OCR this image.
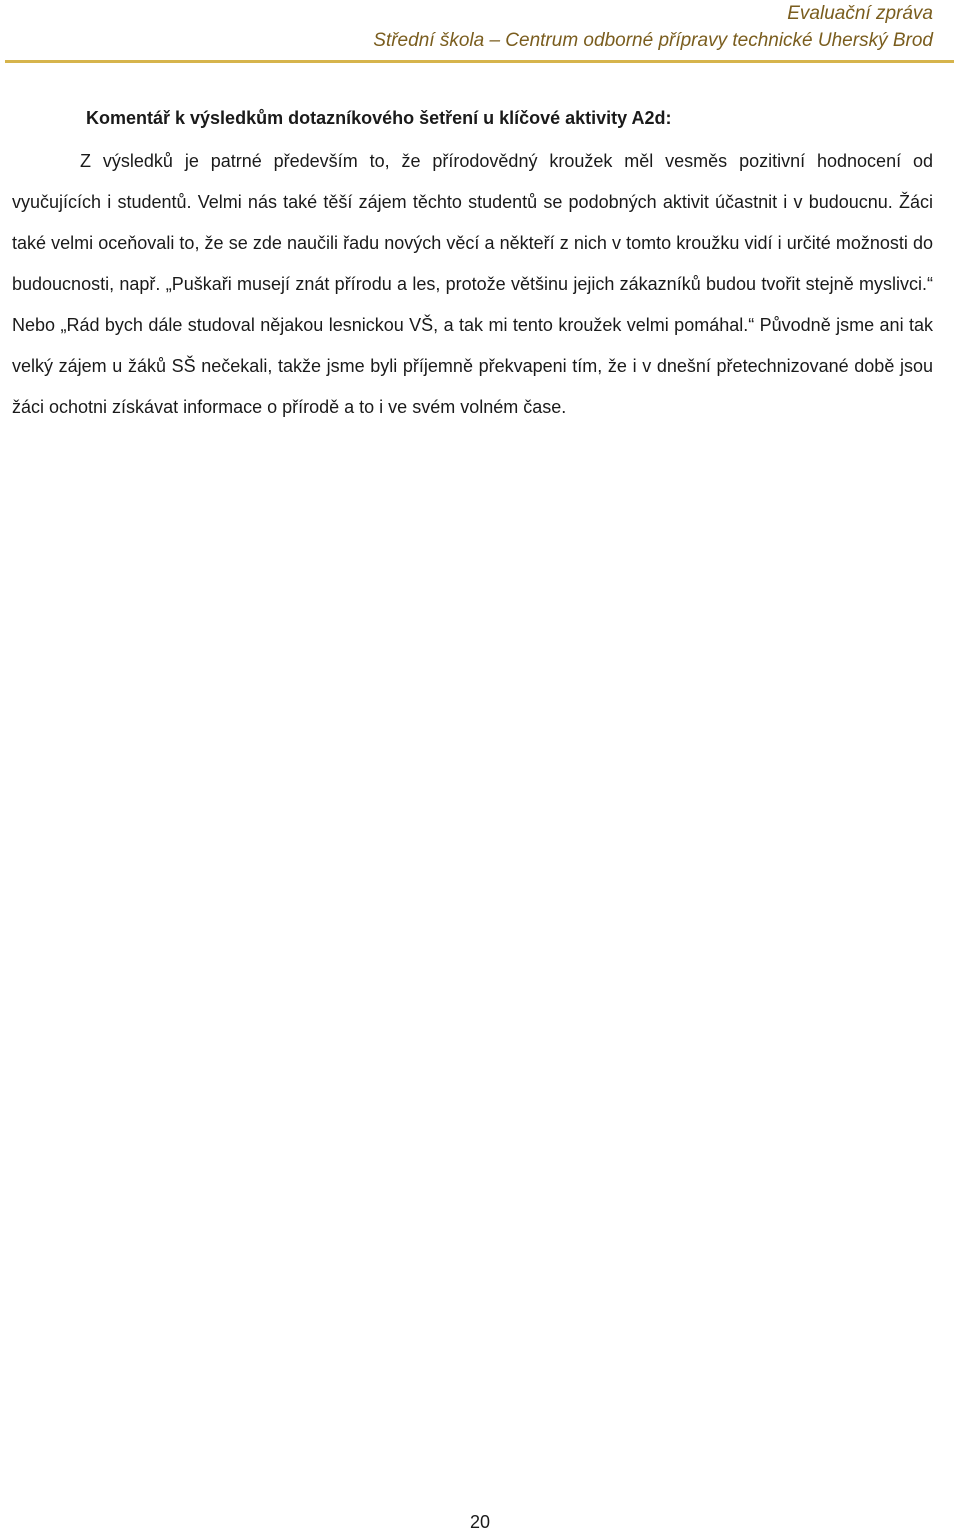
Evaluační zpráva
Střední škola – Centrum odborné přípravy technické Uherský Brod
Komentář k výsledkům dotazníkového šetření u klíčové aktivity A2d:

Z výsledků je patrné především to, že přírodovědný kroužek měl vesměs pozitivní hodnocení od vyučujících i studentů. Velmi nás také těší zájem těchto studentů se podobných aktivit účastnit i v budoucnu. Žáci také velmi oceňovali to, že se zde naučili řadu nových věcí a někteří z nich v tomto kroužku vidí i určité možnosti do budoucnosti, např. „Puškaři musejí znát přírodu a les, protože většinu jejich zákazníků budou tvořit stejně myslivci.“ Nebo „Rád bych dále studoval nějakou lesnickou VŠ, a tak mi tento kroužek velmi pomáhal.“ Původně jsme ani tak velký zájem u žáků SŠ nečekali, takže jsme byli příjemně překvapeni tím, že i v dnešní přetechnizované době jsou žáci ochotni získávat informace o přírodě a to i ve svém volném čase.

20
